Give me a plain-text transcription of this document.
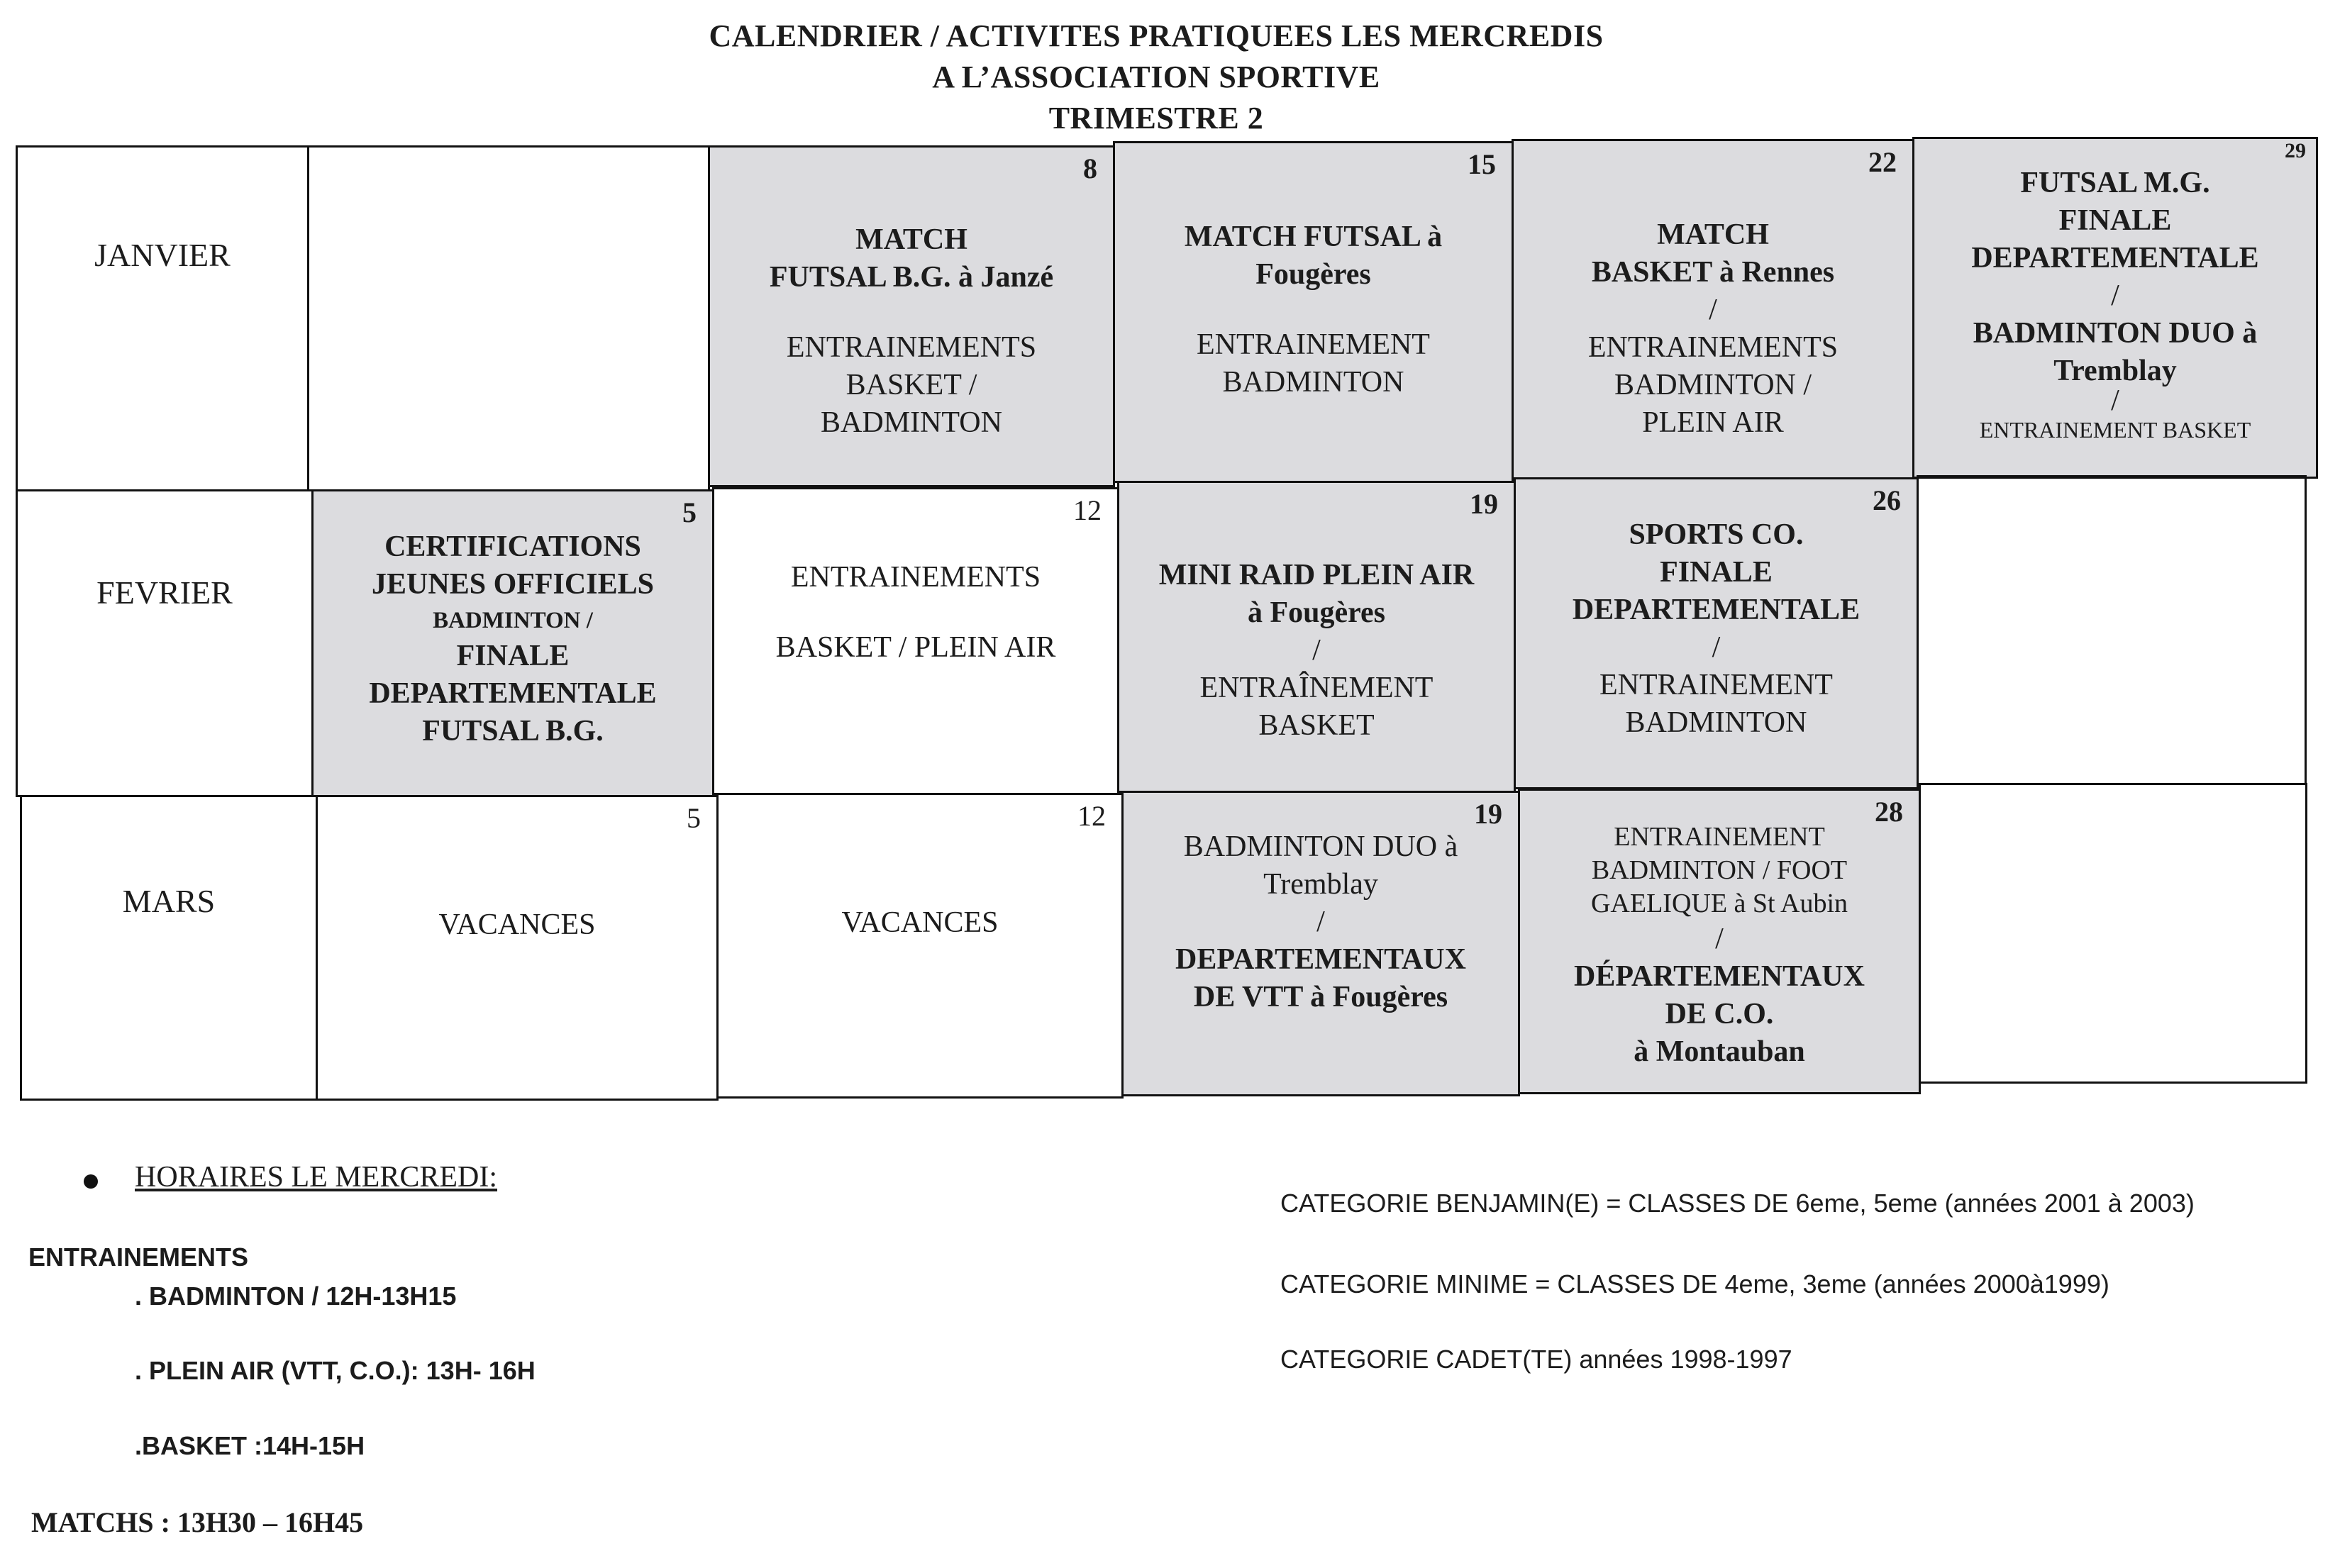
CALENDRIER / ACTIVITES PRATIQUEES LES MERCREDIS
A L’ASSOCIATION SPORTIVE
TRIMESTRE 2
JANVIER
8
MATCH
FUTSAL B.G. à Janzé
ENTRAINEMENTS
BASKET /
BADMINTON
15
MATCH FUTSAL à
Fougères
ENTRAINEMENT
BADMINTON
22
MATCH
BASKET à Rennes
/
ENTRAINEMENTS
BADMINTON /
PLEIN AIR
29
FUTSAL M.G.
FINALE
DEPARTEMENTALE
/
BADMINTON DUO à
Tremblay
/
ENTRAINEMENT BASKET
FEVRIER
5
CERTIFICATIONS
JEUNES OFFICIELS
BADMINTON /
FINALE
DEPARTEMENTALE
FUTSAL B.G.
12
ENTRAINEMENTS
BASKET / PLEIN AIR
19
MINI RAID PLEIN AIR
à Fougères
/
ENTRAÎNEMENT
BASKET
26
SPORTS CO.
FINALE
DEPARTEMENTALE
/
ENTRAINEMENT
BADMINTON
MARS
5
VACANCES
12
VACANCES
19
BADMINTON DUO à
Tremblay
/
DEPARTEMENTAUX
DE VTT à Fougères
28
ENTRAINEMENT
BADMINTON / FOOT
GAELIQUE à St Aubin
/
DÉPARTEMENTAUX
DE C.O.
à Montauban
HORAIRES LE MERCREDI:
ENTRAINEMENTS
. BADMINTON / 12H-13H15
. PLEIN AIR (VTT, C.O.): 13H- 16H
.BASKET :14H-15H
MATCHS : 13H30 – 16H45
CATEGORIE BENJAMIN(E) = CLASSES DE 6eme, 5eme (années 2001 à 2003)
CATEGORIE MINIME = CLASSES DE 4eme, 3eme (années 2000à1999)
CATEGORIE CADET(TE) années 1998-1997
